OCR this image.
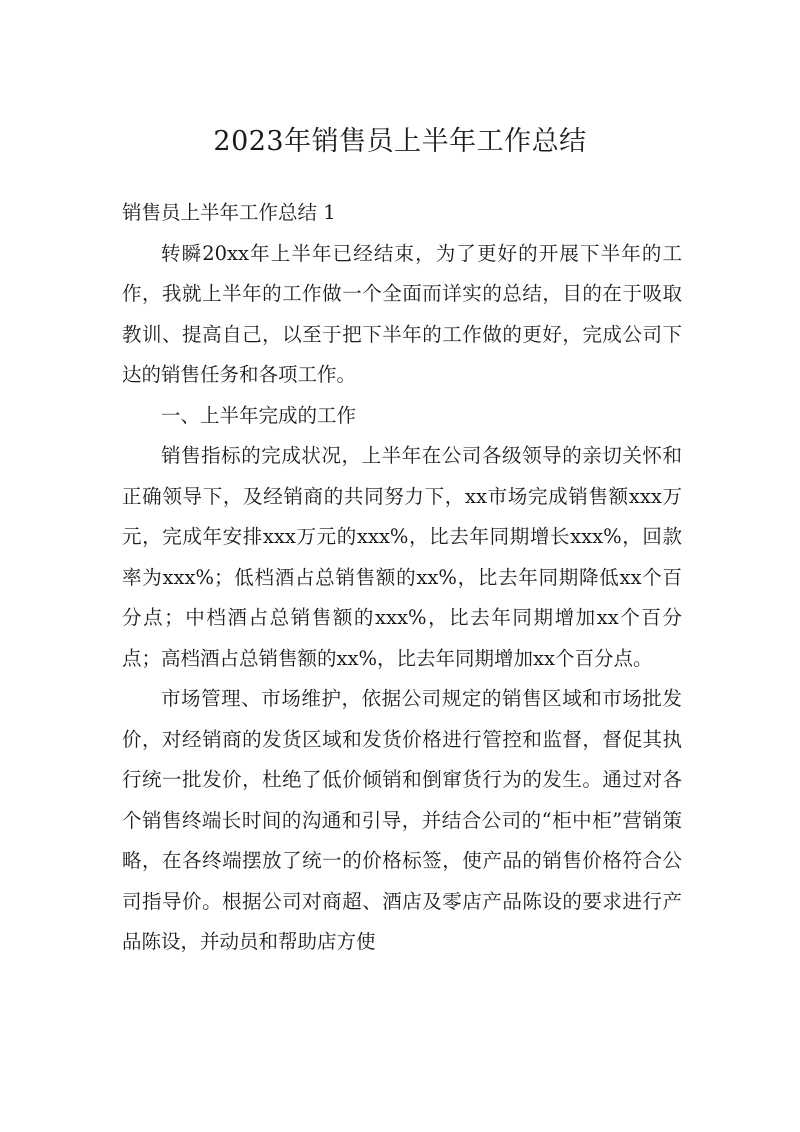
2023年销售员上半年工作总结

销售员上半年工作总结 1

转瞬20xx年上半年已经结束，为了更好的开展下半年的工作，我就上半年的工作做一个全面而详实的总结，目的在于吸取教训、提高自己，以至于把下半年的工作做的更好，完成公司下达的销售任务和各项工作。

一、上半年完成的工作

销售指标的完成状况，上半年在公司各级领导的亲切关怀和正确领导下，及经销商的共同努力下，xx市场完成销售额xxx万元，完成年安排xxx万元的xxx%，比去年同期增长xxx%，回款率为xxx%；低档酒占总销售额的xx%，比去年同期降低xx个百分点；中档酒占总销售额的xxx%，比去年同期增加xx个百分点；高档酒占总销售额的xx%，比去年同期增加xx个百分点。

市场管理、市场维护，依据公司规定的销售区域和市场批发价，对经销商的发货区域和发货价格进行管控和监督，督促其执行统一批发价，杜绝了低价倾销和倒窜货行为的发生。通过对各个销售终端长时间的沟通和引导，并结合公司的“柜中柜”营销策略，在各终端摆放了统一的价格标签，使产品的销售价格符合公司指导价。根据公司对商超、酒店及零店产品陈设的要求进行产品陈设，并动员和帮助店方使
